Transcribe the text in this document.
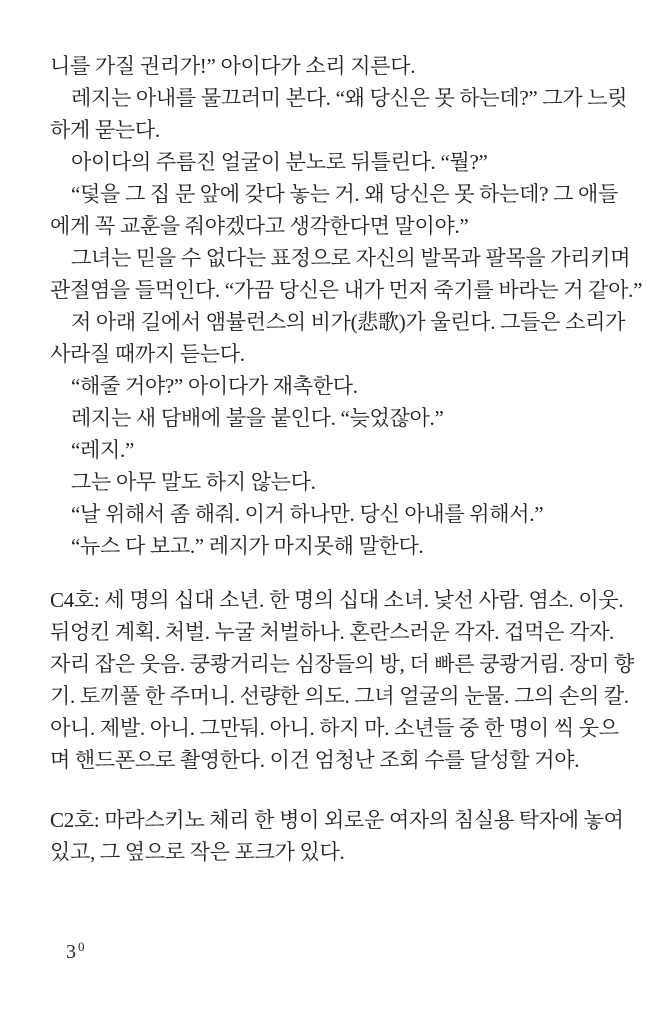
니를 가질 권리가!” 아이다가 소리 지른다.
레지는 아내를 물끄러미 본다. “왜 당신은 못 하는데?” 그가 느릿
하게 묻는다.
아이다의 주름진 얼굴이 분노로 뒤틀린다. “뭘?”
“덫을 그 집 문 앞에 갖다 놓는 거. 왜 당신은 못 하는데? 그 애들
에게 꼭 교훈을 줘야겠다고 생각한다면 말이야.”
그녀는 믿을 수 없다는 표정으로 자신의 발목과 팔목을 가리키며
관절염을 들먹인다. “가끔 당신은 내가 먼저 죽기를 바라는 거 같아.”
저 아래 길에서 앰뷸런스의 비가(悲歌)가 울린다. 그들은 소리가
사라질 때까지 듣는다.
“해줄 거야?” 아이다가 재촉한다.
레지는 새 담배에 불을 붙인다. “늦었잖아.”
“레지.”
그는 아무 말도 하지 않는다.
“날 위해서 좀 해줘. 이거 하나만. 당신 아내를 위해서.”
“뉴스 다 보고.” 레지가 마지못해 말한다.
C4호: 세 명의 십대 소년. 한 명의 십대 소녀. 낯선 사람. 염소. 이웃.
뒤엉킨 계획. 처벌. 누굴 처벌하나. 혼란스러운 각자. 겁먹은 각자.
자리 잡은 웃음. 쿵쾅거리는 심장들의 방, 더 빠른 쿵쾅거림. 장미 향
기. 토끼풀 한 주머니. 선량한 의도. 그녀 얼굴의 눈물. 그의 손의 칼.
아니. 제발. 아니. 그만둬. 아니. 하지 마. 소년들 중 한 명이 씩 웃으
며 핸드폰으로 촬영한다. 이건 엄청난 조회 수를 달성할 거야.
C2호: 마라스키노 체리 한 병이 외로운 여자의 침실용 탁자에 놓여
있고, 그 옆으로 작은 포크가 있다.
$3^0$
